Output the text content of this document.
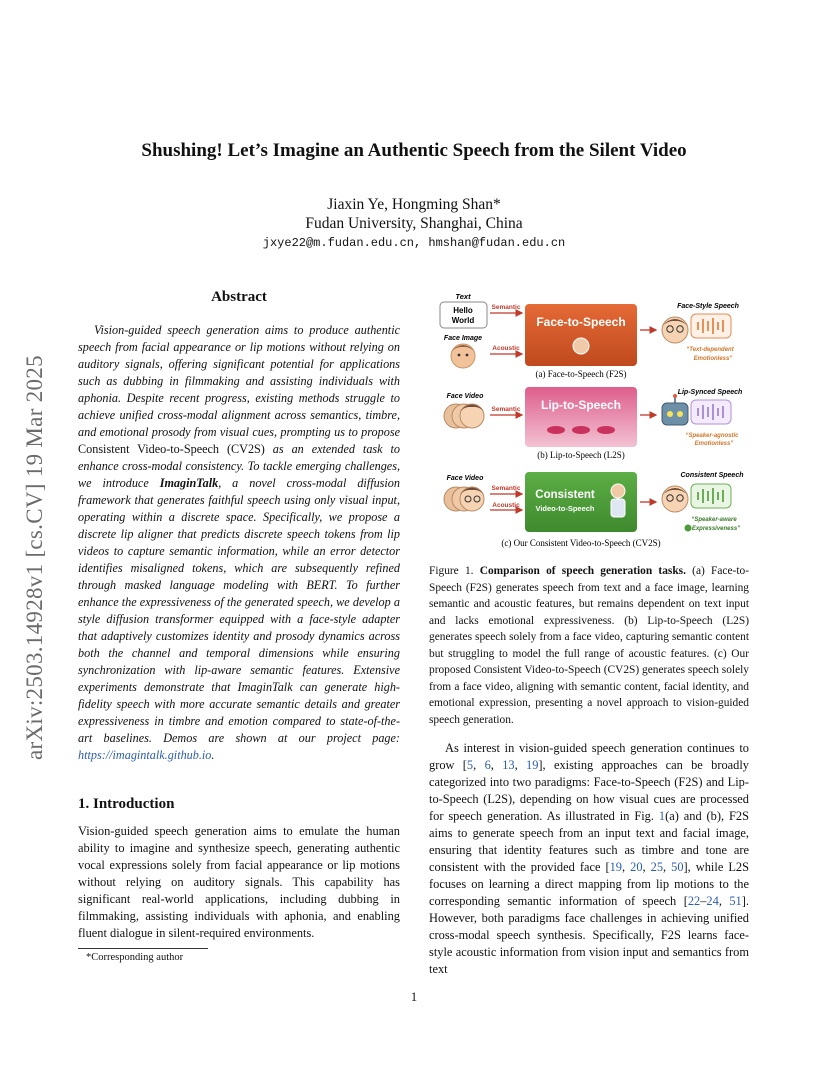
Shushing! Let’s Imagine an Authentic Speech from the Silent Video
Jiaxin Ye, Hongming Shan*
Fudan University, Shanghai, China
jxye22@m.fudan.edu.cn, hmshan@fudan.edu.cn
arXiv:2503.14928v1 [cs.CV] 19 Mar 2025
Abstract

Vision-guided speech generation aims to produce authentic speech from facial appearance or lip motions without relying on auditory signals, offering significant potential for applications such as dubbing in filmmaking and assisting individuals with aphonia. Despite recent progress, existing methods struggle to achieve unified cross-modal alignment across semantics, timbre, and emotional prosody from visual cues, prompting us to propose Consistent Video-to-Speech (CV2S) as an extended task to enhance cross-modal consistency. To tackle emerging challenges, we introduce ImaginTalk, a novel cross-modal diffusion framework that generates faithful speech using only visual input, operating within a discrete space. Specifically, we propose a discrete lip aligner that predicts discrete speech tokens from lip videos to capture semantic information, while an error detector identifies misaligned tokens, which are subsequently refined through masked language modeling with BERT. To further enhance the expressiveness of the generated speech, we develop a style diffusion transformer equipped with a face-style adapter that adaptively customizes identity and prosody dynamics across both the channel and temporal dimensions while ensuring synchronization with lip-aware semantic features. Extensive experiments demonstrate that ImaginTalk can generate high-fidelity speech with more accurate semantic details and greater expressiveness in timbre and emotion compared to state-of-the-art baselines. Demos are shown at our project page: https://imagintalk.github.io.

1. Introduction

Vision-guided speech generation aims to emulate the human ability to imagine and synthesize speech, generating authentic vocal expressions solely from facial appearance or lip motions without relying on auditory signals. This capability has significant real-world applications, including dubbing in filmmaking, assisting individuals with aphonia, and enabling fluent dialogue in silent-required environments.

*Corresponding author
Text
Hello
World
Face Image
Semantic
Acoustic
Face-to-Speech
Face-Style Speech
“Text-dependent
Emotionless”
(a) Face-to-Speech (F2S)
Face Video
Semantic Lip-to-Speech
Lip-Synced Speech
“Speaker-agnostic
Emotionless”
(b) Lip-to-Speech (L2S)
Face Video
Semantic
Acoustic
Consistent
Video-to-Speech
Consistent Speech
“Speaker-aware
Expressiveness”
(c) Our Consistent Video-to-Speech (CV2S)

Figure 1. Comparison of speech generation tasks. (a) Face-to-Speech (F2S) generates speech from text and a face image, learning semantic and acoustic features, but remains dependent on text input and lacks emotional expressiveness. (b) Lip-to-Speech (L2S) generates speech solely from a face video, capturing semantic content but struggling to model the full range of acoustic features. (c) Our proposed Consistent Video-to-Speech (CV2S) generates speech solely from a face video, aligning with semantic content, facial identity, and emotional expression, presenting a novel approach to vision-guided speech generation.

As interest in vision-guided speech generation continues to grow [5, 6, 13, 19], existing approaches can be broadly categorized into two paradigms: Face-to-Speech (F2S) and Lip-to-Speech (L2S), depending on how visual cues are processed for speech generation. As illustrated in Fig. 1(a) and (b), F2S aims to generate speech from an input text and facial image, ensuring that identity features such as timbre and tone are consistent with the provided face [19, 20, 25, 50], while L2S focuses on learning a direct mapping from lip motions to the corresponding semantic information of speech [22–24, 51]. However, both paradigms face challenges in achieving unified cross-modal speech synthesis. Specifically, F2S learns face-style acoustic information from vision input and semantics from text

1
